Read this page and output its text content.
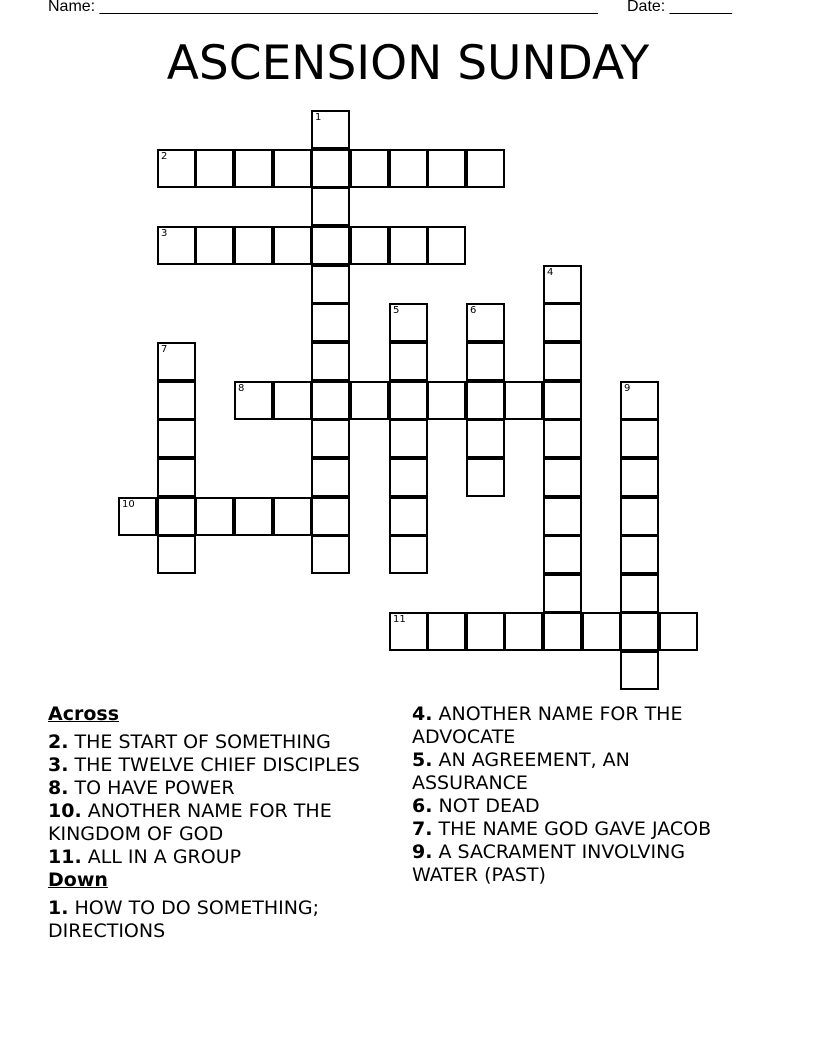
Name: ________________________________________________________ Date: _______
ASCENSION SUNDAY
1
2
3
4
5	6
7
8	9
10
11
Across
2. THE START OF SOMETHING
3. THE TWELVE CHIEF DISCIPLES
8. TO HAVE POWER
10. ANOTHER NAME FOR THE KINGDOM OF GOD
11. ALL IN A GROUP
Down
1. HOW TO DO SOMETHING; DIRECTIONS
4. ANOTHER NAME FOR THE ADVOCATE
5. AN AGREEMENT, AN ASSURANCE
6. NOT DEAD
7. THE NAME GOD GAVE JACOB
9. A SACRAMENT INVOLVING WATER (PAST)
